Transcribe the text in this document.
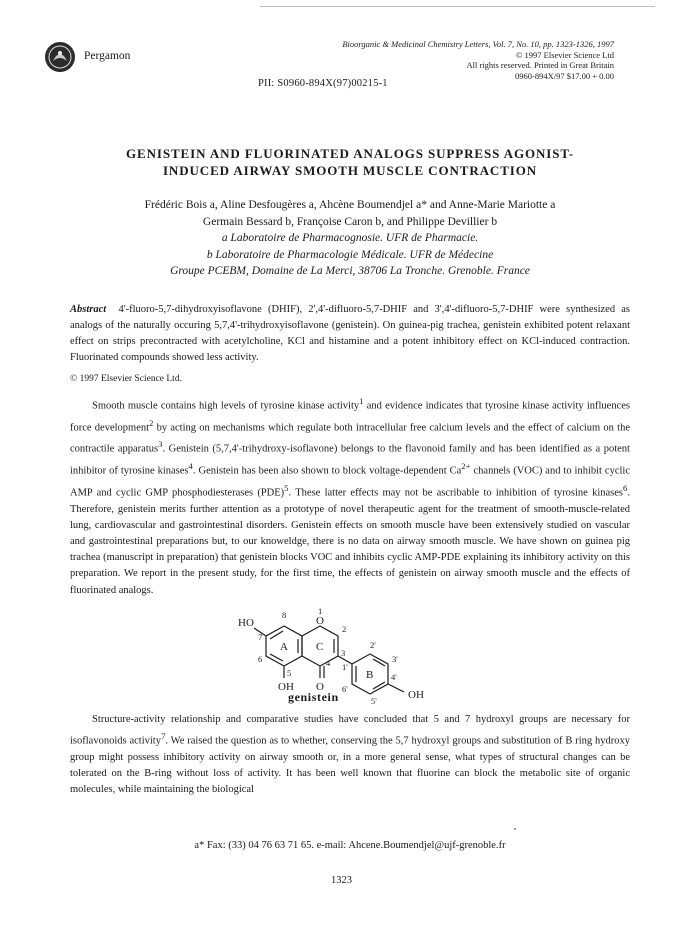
Pergamon
Bioorganic & Medicinal Chemistry Letters, Vol. 7, No. 10, pp. 1323-1326, 1997
© 1997 Elsevier Science Ltd
All rights reserved. Printed in Great Britain
0960-894X/97 $17.00 + 0.00
PII: S0960-894X(97)00215-1
GENISTEIN AND FLUORINATED ANALOGS SUPPRESS AGONIST-
INDUCED AIRWAY SMOOTH MUSCLE CONTRACTION
Frédéric Bois a, Aline Desfougères a, Ahcène Boumendjel a* and Anne-Marie Mariotte a
Germain Bessard b, Françoise Caron b, and Philippe Devillier b
a Laboratoire de Pharmacognosie. UFR de Pharmacie.
b Laboratoire de Pharmacologie Médicale. UFR de Médecine
Groupe PCEBM, Domaine de La Merci, 38706 La Tronche. Grenoble. France
Abstract 4'-fluoro-5,7-dihydroxyisoflavone (DHIF), 2',4'-difluoro-5,7-DHIF and 3',4'-difluoro-5,7-DHIF were synthesized as analogs of the naturally occuring 5,7,4'-trihydroxyisoflavone (genistein). On guinea-pig trachea, genistein exhibited potent relaxant effect on strips precontracted with acetylcholine, KCl and histamine and a potent inhibitory effect on KCl-induced contraction. Fluorinated compounds showed less activity.
© 1997 Elsevier Science Ltd.
Smooth muscle contains high levels of tyrosine kinase activity$^1$ and evidence indicates that tyrosine kinase activity influences force development$^2$ by acting on mechanisms which regulate both intracellular free calcium levels and the effect of calcium on the contractile apparatus$^3$. Genistein (5,7,4'-trihydroxy-isoflavone) belongs to the flavonoid family and has been identified as a potent inhibitor of tyrosine kinases$^4$. Genistein has been also shown to block voltage-dependent $Ca^{2+}$ channels (VOC) and to inhibit cyclic AMP and cyclic GMP phosphodiesterases (PDE)$^5$. These latter effects may not be ascribable to inhibition of tyrosine kinases$^6$. Therefore, genistein merits further attention as a prototype of novel therapeutic agent for the treatment of smooth-muscle-related lung, cardiovascular and gastrointestinal disorders. Genistein effects on smooth muscle have been extensively studied on vascular and gastrointestinal preparations but, to our knoweldge, there is no data on airway smooth muscle. We have shown on guinea pig trachea (manuscript in preparation) that genistein blocks VOC and inhibits cyclic AMP-PDE explaining its inhibitory activity on this preparation. We report in the present study, for the first time, the effects of genistein on airway smooth muscle and the effects of fluorinated analogs.
HO	O
OH O
OH
A	C
B
8	1
2
3
4
5
6
7
1'
2'
3'
4'
5'
6'
genistein
Structure-activity relationship and comparative studies have concluded that 5 and 7 hydroxyl groups are necessary for isoflavonoids activity$^7$. We raised the question as to whether, conserving the 5,7 hydroxyl groups and substitution of B ring hydroxy group might possess inhibitory activity on airway smooth or, in a more general sense, what types of structural changes can be tolerated on the B-ring without loss of activity. It has been well known that fluorine can block the metabolic site of organic molecules, while maintaining the biological
a* Fax: (33) 04 76 63 71 65. e-mail: Ahcene.Boumendjel@ujf-grenoble.fr
1323
